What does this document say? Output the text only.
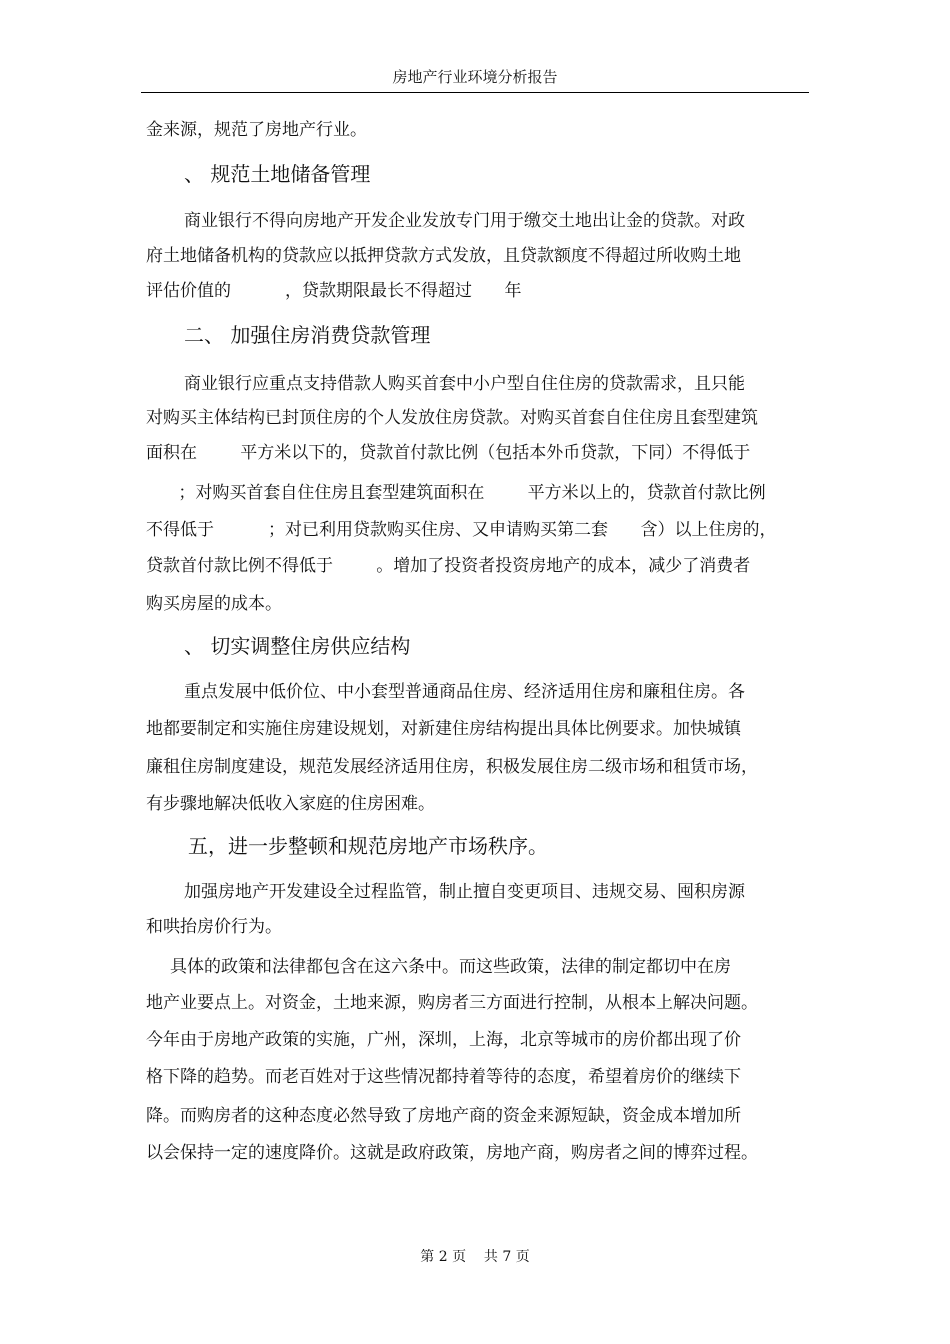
房地产行业环境分析报告
金来源，规范了房地产行业。
、 规范土地储备管理
商业银行不得向房地产开发企业发放专门用于缴交土地出让金的贷款。对政
府土地储备机构的贷款应以抵押贷款方式发放，且贷款额度不得超过所收购土地
评估价值的          ，贷款期限最长不得超过      年
二、 加强住房消费贷款管理
商业银行应重点支持借款人购买首套中小户型自住住房的贷款需求，且只能
对购买主体结构已封顶住房的个人发放住房贷款。对购买首套自住住房且套型建筑
面积在        平方米以下的，贷款首付款比例（包括本外币贷款，下同）不得低于
；对购买首套自住住房且套型建筑面积在        平方米以上的，贷款首付款比例
不得低于          ；对已利用贷款购买住房、又申请购买第二套      含）以上住房的，
贷款首付款比例不得低于        。增加了投资者投资房地产的成本，减少了消费者
购买房屋的成本。
、 切实调整住房供应结构
重点发展中低价位、中小套型普通商品住房、经济适用住房和廉租住房。各
地都要制定和实施住房建设规划，对新建住房结构提出具体比例要求。加快城镇
廉租住房制度建设，规范发展经济适用住房，积极发展住房二级市场和租赁市场，
有步骤地解决低收入家庭的住房困难。
五，进一步整顿和规范房地产市场秩序。
加强房地产开发建设全过程监管，制止擅自变更项目、违规交易、囤积房源
和哄抬房价行为。
具体的政策和法律都包含在这六条中。而这些政策，法律的制定都切中在房
地产业要点上。对资金，土地来源，购房者三方面进行控制，从根本上解决问题。
今年由于房地产政策的实施，广州，深圳，上海，北京等城市的房价都出现了价
格下降的趋势。而老百姓对于这些情况都持着等待的态度，希望着房价的继续下
降。而购房者的这种态度必然导致了房地产商的资金来源短缺，资金成本增加所
以会保持一定的速度降价。这就是政府政策，房地产商，购房者之间的博弈过程。
第 2 页    共 7 页
